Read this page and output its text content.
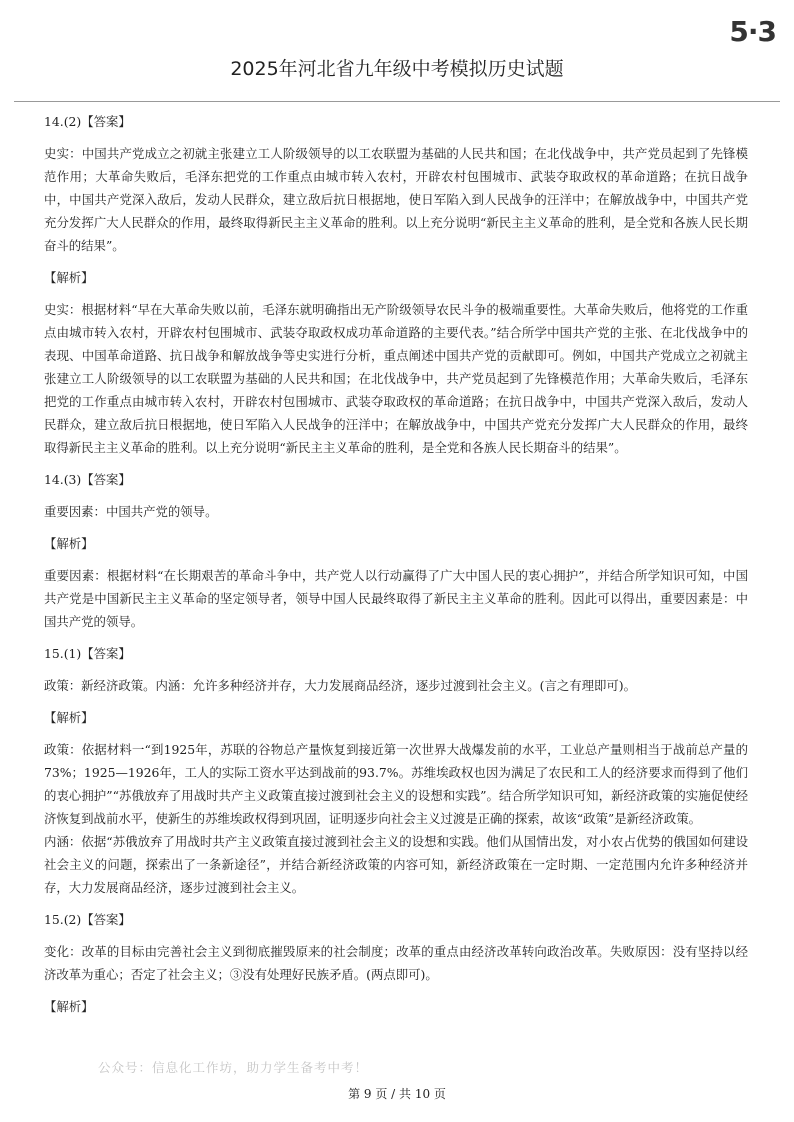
5·3
2025年河北省九年级中考模拟历史试题

14.(2)【答案】

史实：中国共产党成立之初就主张建立工人阶级领导的以工农联盟为基础的人民共和国；在北伐战争中，共产党员起到了先锋模范作用；大革命失败后，毛泽东把党的工作重点由城市转入农村，开辟农村包围城市、武装夺取政权的革命道路；在抗日战争中，中国共产党深入敌后，发动人民群众，建立敌后抗日根据地，使日军陷入到人民战争的汪洋中；在解放战争中，中国共产党充分发挥广大人民群众的作用，最终取得新民主主义革命的胜利。以上充分说明“新民主主义革命的胜利，是全党和各族人民长期奋斗的结果”。

【解析】

史实：根据材料“早在大革命失败以前，毛泽东就明确指出无产阶级领导农民斗争的极端重要性。大革命失败后，他将党的工作重点由城市转入农村，开辟农村包围城市、武装夺取政权成功革命道路的主要代表。”结合所学中国共产党的主张、在北伐战争中的表现、中国革命道路、抗日战争和解放战争等史实进行分析，重点阐述中国共产党的贡献即可。例如，中国共产党成立之初就主张建立工人阶级领导的以工农联盟为基础的人民共和国；在北伐战争中，共产党员起到了先锋模范作用；大革命失败后，毛泽东把党的工作重点由城市转入农村，开辟农村包围城市、武装夺取政权的革命道路；在抗日战争中，中国共产党深入敌后，发动人民群众，建立敌后抗日根据地，使日军陷入人民战争的汪洋中；在解放战争中，中国共产党充分发挥广大人民群众的作用，最终取得新民主主义革命的胜利。以上充分说明“新民主主义革命的胜利，是全党和各族人民长期奋斗的结果”。

14.(3)【答案】

重要因素：中国共产党的领导。

【解析】

重要因素：根据材料“在长期艰苦的革命斗争中，共产党人以行动赢得了广大中国人民的衷心拥护”，并结合所学知识可知，中国共产党是中国新民主主义革命的坚定领导者，领导中国人民最终取得了新民主主义革命的胜利。因此可以得出，重要因素是：中国共产党的领导。

15.(1)【答案】

政策：新经济政策。内涵：允许多种经济并存，大力发展商品经济，逐步过渡到社会主义。(言之有理即可)。

【解析】

政策：依据材料一“到1925年，苏联的谷物总产量恢复到接近第一次世界大战爆发前的水平，工业总产量则相当于战前总产量的73%；1925—1926年，工人的实际工资水平达到战前的93.7%。苏维埃政权也因为满足了农民和工人的经济要求而得到了他们的衷心拥护”“苏俄放弃了用战时共产主义政策直接过渡到社会主义的设想和实践”。结合所学知识可知，新经济政策的实施促使经济恢复到战前水平，使新生的苏维埃政权得到巩固，证明逐步向社会主义过渡是正确的探索，故该“政策”是新经济政策。

内涵：依据“苏俄放弃了用战时共产主义政策直接过渡到社会主义的设想和实践。他们从国情出发，对小农占优势的俄国如何建设社会主义的问题，探索出了一条新途径”，并结合新经济政策的内容可知，新经济政策在一定时期、一定范围内允许多种经济并存，大力发展商品经济，逐步过渡到社会主义。

15.(2)【答案】

变化：改革的目标由完善社会主义到彻底摧毁原来的社会制度；改革的重点由经济改革转向政治改革。失败原因：没有坚持以经济改革为重心；否定了社会主义；③没有处理好民族矛盾。(两点即可)。

【解析】

公众号：信息化工作坊，助力学生备考中考！
第 9 页 / 共 10 页
